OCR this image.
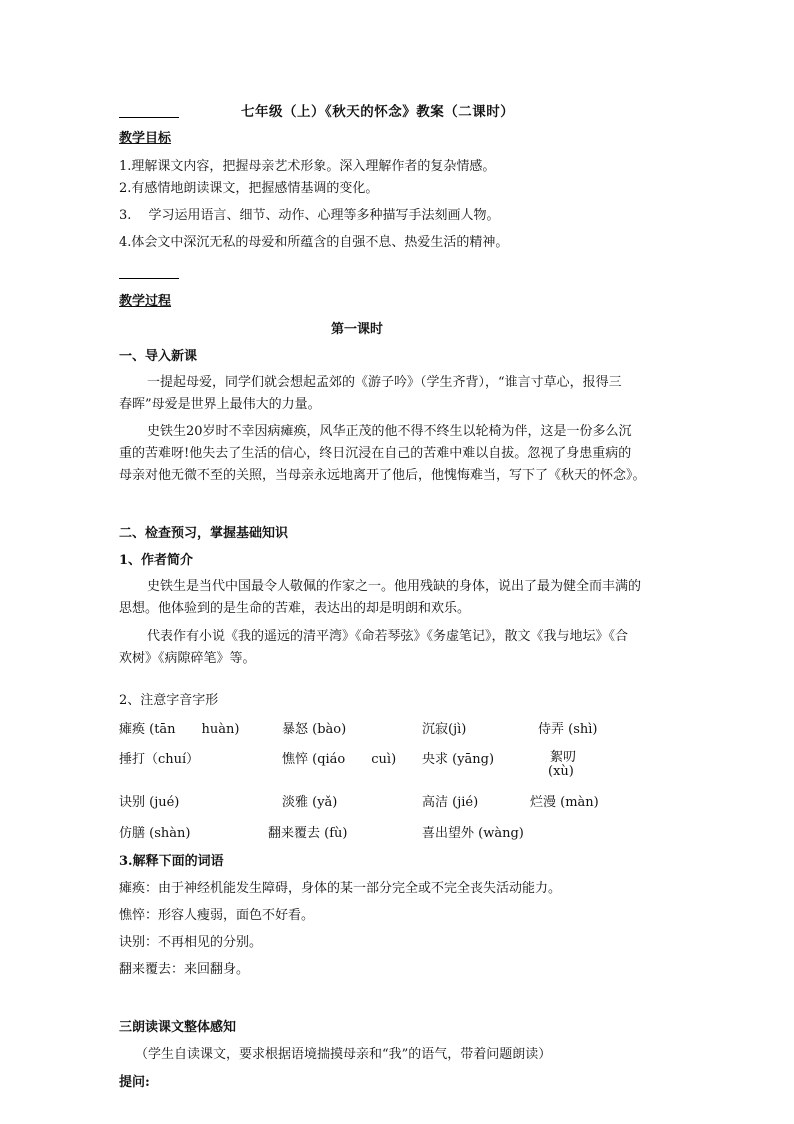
七年级（上）《秋天的怀念》教案（二课时）
教学目标
1.理解课文内容，把握母亲艺术形象。深入理解作者的复杂情感。
2.有感情地朗读课文，把握感情基调的变化。
3.　 学习运用语言、细节、动作、心理等多种描写手法刻画人物。
4.体会文中深沉无私的母爱和所蕴含的自强不息、热爱生活的精神。
教学过程
第一课时
一、导入新课
一提起母爱，同学们就会想起孟郊的《游子吟》（学生齐背），“谁言寸草心，报得三
春晖”母爱是世界上最伟大的力量。
史铁生20岁时不幸因病瘫痪，风华正茂的他不得不终生以轮椅为伴，这是一份多么沉
重的苦难呀!他失去了生活的信心，终日沉浸在自己的苦难中难以自拔。忽视了身患重病的
母亲对他无微不至的关照，当母亲永远地离开了他后，他愧悔难当，写下了《秋天的怀念》。
二、检查预习，掌握基础知识
1、作者简介
史铁生是当代中国最令人敬佩的作家之一。他用残缺的身体，说出了最为健全而丰满的
思想。他体验到的是生命的苦难，表达出的却是明朗和欢乐。
代表作有小说《我的遥远的清平湾》《命若琴弦》《务虚笔记》，散文《我与地坛》《合
欢树》《病隙碎笔》等。
2、注意字音字形
瘫痪 (tān　　huàn)	暴怒 (bào)	沉寂(jì)	侍弄 (shì)
捶打（chuí）	憔悴 (qiáo　　cuì) 央求 (yāng)	絮叨
(xù)
诀别 (jué)	淡雅 (yǎ)	高洁 (jié)	烂漫 (màn)
仿膳 (shàn)	翻来覆去 (fù)	喜出望外 (wàng)
3.解释下面的词语
瘫痪：由于神经机能发生障碍，身体的某一部分完全或不完全丧失活动能力。
憔悴：形容人瘦弱，面色不好看。
诀别：不再相见的分别。
翻来覆去：来回翻身。
三朗读课文整体感知
（学生自读课文，要求根据语境揣摸母亲和“我”的语气，带着问题朗读）
提问:
